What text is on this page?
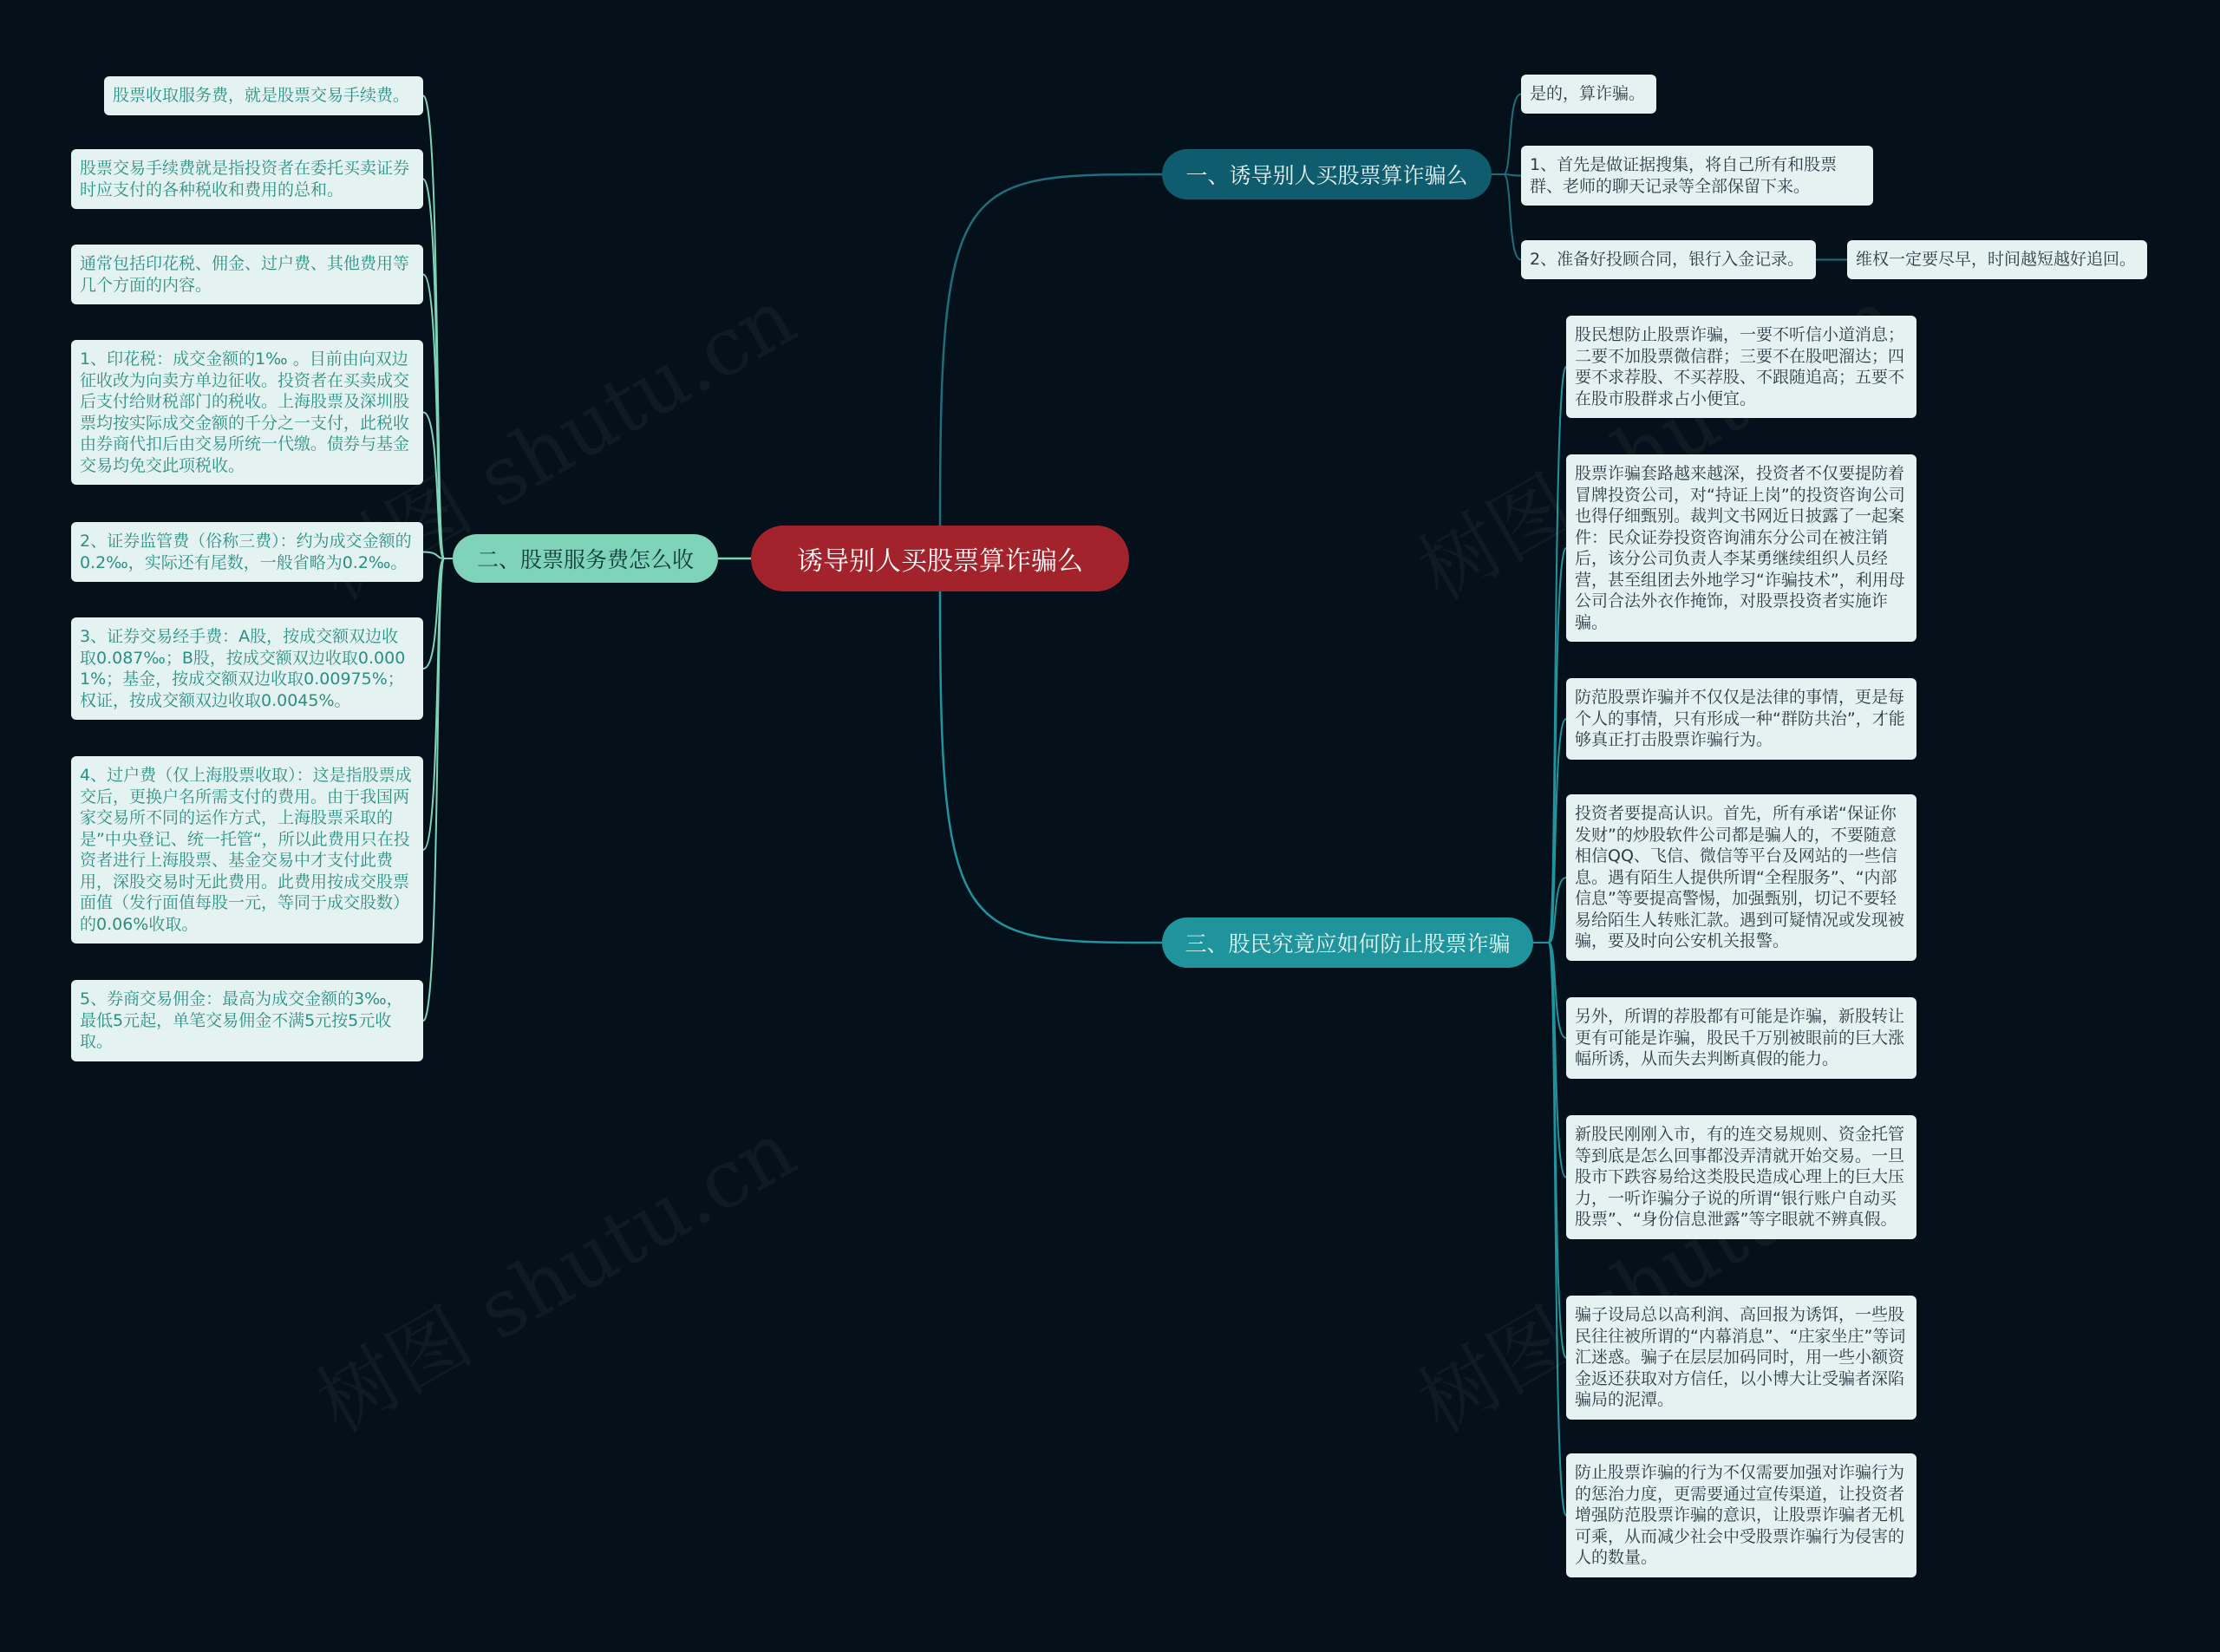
诱导别人买股票算诈骗么
一、诱导别人买股票算诈骗么
是的，算诈骗。
1、首先是做证据搜集，将自己所有和股票群、老师的聊天记录等全部保留下来。
2、准备好投顾合同，银行入金记录。	维权一定要尽早，时间越短越好追回。
二、股票服务费怎么收
股票收取服务费，就是股票交易手续费。
股票交易手续费就是指投资者在委托买卖证券时应支付的各种税收和费用的总和。
通常包括印花税、佣金、过户费、其他费用等几个方面的内容。
1、印花税：成交金额的1‰ 。目前由向双边征收改为向卖方单边征收。投资者在买卖成交后支付给财税部门的税收。上海股票及深圳股票均按实际成交金额的千分之一支付，此税收由券商代扣后由交易所统一代缴。债券与基金交易均免交此项税收。
2、证券监管费（俗称三费）：约为成交金额的0.2‰，实际还有尾数，一般省略为0.2‰。
3、证券交易经手费：A股，按成交额双边收取0.087‰；B股，按成交额双边收取0.0001%；基金，按成交额双边收取0.00975%；权证，按成交额双边收取0.0045%。
4、过户费（仅上海股票收取）：这是指股票成交后，更换户名所需支付的费用。由于我国两家交易所不同的运作方式，上海股票采取的是”中央登记、统一托管“，所以此费用只在投资者进行上海股票、基金交易中才支付此费用，深股交易时无此费用。此费用按成交股票面值（发行面值每股一元，等同于成交股数）的0.06%收取。
5、券商交易佣金：最高为成交金额的3‰，最低5元起，单笔交易佣金不满5元按5元收取。
三、股民究竟应如何防止股票诈骗
股民想防止股票诈骗，一要不听信小道消息；二要不加股票微信群；三要不在股吧溜达；四要不求荐股、不买荐股、不跟随追高；五要不在股市股群求占小便宜。
股票诈骗套路越来越深，投资者不仅要提防着冒牌投资公司，对“持证上岗”的投资咨询公司也得仔细甄别。裁判文书网近日披露了一起案件：民众证券投资咨询浦东分公司在被注销后，该分公司负责人李某勇继续组织人员经营，甚至组团去外地学习“诈骗技术”，利用母公司合法外衣作掩饰，对股票投资者实施诈骗。
防范股票诈骗并不仅仅是法律的事情，更是每个人的事情，只有形成一种“群防共治”，才能够真正打击股票诈骗行为。
投资者要提高认识。首先，所有承诺“保证你发财”的炒股软件公司都是骗人的，不要随意相信QQ、飞信、微信等平台及网站的一些信息。遇有陌生人提供所谓“全程服务”、“内部信息”等要提高警惕，加强甄别，切记不要轻易给陌生人转账汇款。遇到可疑情况或发现被骗，要及时向公安机关报警。
另外，所谓的荐股都有可能是诈骗，新股转让更有可能是诈骗，股民千万别被眼前的巨大涨幅所诱，从而失去判断真假的能力。
新股民刚刚入市，有的连交易规则、资金托管等到底是怎么回事都没弄清就开始交易。一旦股市下跌容易给这类股民造成心理上的巨大压力，一听诈骗分子说的所谓“银行账户自动买股票”、“身份信息泄露”等字眼就不辨真假。
骗子设局总以高利润、高回报为诱饵，一些股民往往被所谓的“内幕消息”、“庄家坐庄”等词汇迷惑。骗子在层层加码同时，用一些小额资金返还获取对方信任，以小博大让受骗者深陷骗局的泥潭。
防止股票诈骗的行为不仅需要加强对诈骗行为的惩治力度，更需要通过宣传渠道，让投资者增强防范股票诈骗的意识，让股票诈骗者无机可乘，从而减少社会中受股票诈骗行为侵害的人的数量。
